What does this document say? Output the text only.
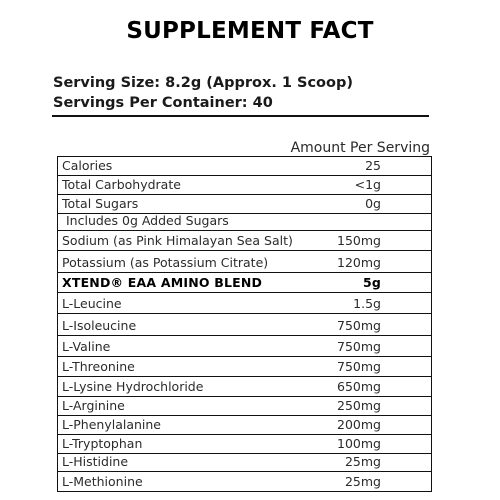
SUPPLEMENT FACT
Serving Size: 8.2g (Approx. 1 Scoop)
Servings Per Container: 40
Amount Per Serving
Calories	25
Total Carbohydrate	<1g
Total Sugars	0g
Includes 0g Added Sugars
Sodium (as Pink Himalayan Sea Salt)	150mg
Potassium (as Potassium Citrate)	120mg
XTEND® EAA AMINO BLEND	5g
L-Leucine	1.5g
L-Isoleucine	750mg
L-Valine	750mg
L-Threonine	750mg
L-Lysine Hydrochloride	650mg
L-Arginine	250mg
L-Phenylalanine	200mg
L-Tryptophan	100mg
L-Histidine	25mg
L-Methionine	25mg
